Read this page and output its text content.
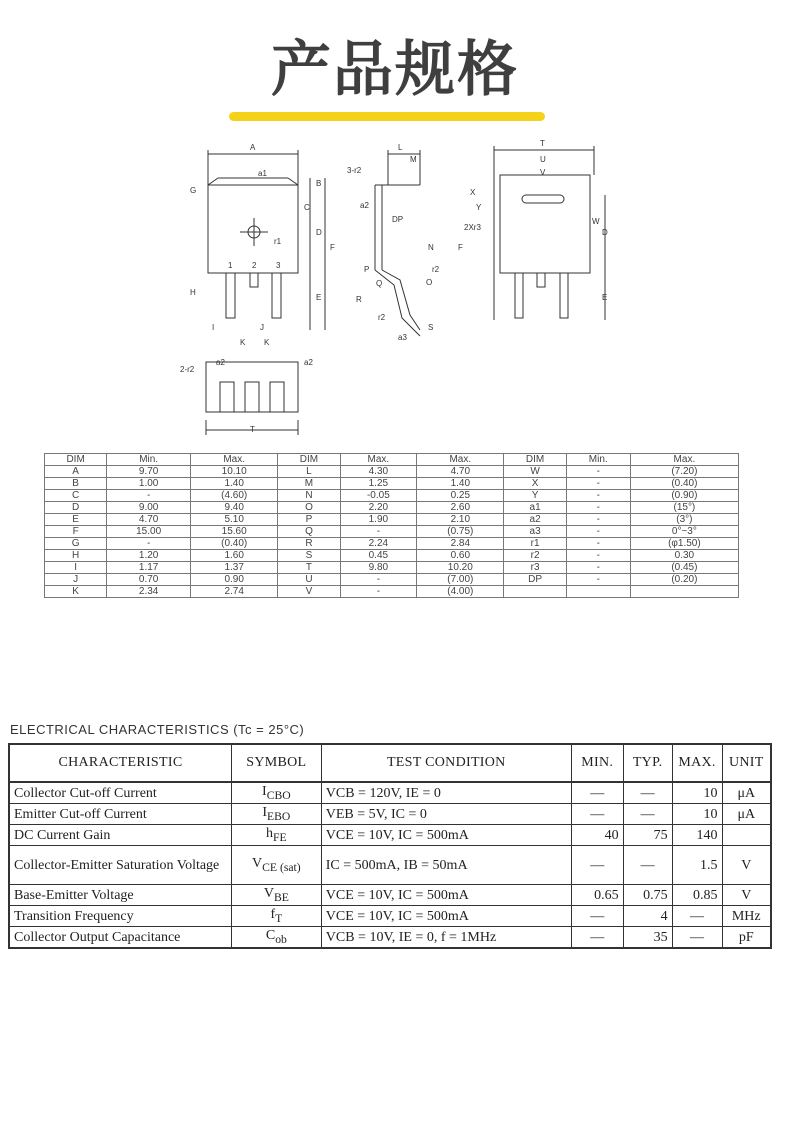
产品规格
A
a1
G
B
C
D
F
r1
1 2 3
H
E
I	J
K K
L
M
3-r2
a2
DP
N
r2
P
Q	O
R
r2
S
a3
T
U
V
X
Y
2Xr3
W
D
F
E
a2	a2
2-r2
T
DIM	Min.	Max.	DIM	Max.	Max.	DIM	Min.	Max.
A	9.70	10.10	L	4.30	4.70	W	-	(7.20)
B	1.00	1.40	M	1.25	1.40	X	-	(0.40)
C	-	(4.60)	N	-0.05	0.25	Y	-	(0.90)
D	9.00	9.40	O	2.20	2.60	a1	-	(15°)
E	4.70	5.10	P	1.90	2.10	a2	-	(3°)
F	15.00	15.60	Q	-	(0.75)	a3	-	0°~3°
G	-	(0.40)	R	2.24	2.84	r1	-	(φ1.50)
H	1.20	1.60	S	0.45	0.60	r2	-	0.30
I	1.17	1.37	T	9.80	10.20	r3	-	(0.45)
J	0.70	0.90	U	-	(7.00)	DP	-	(0.20)
K	2.34	2.74	V	-	(4.00)			
ELECTRICAL CHARACTERISTICS (Tc = 25°C)
CHARACTERISTIC	SYMBOL	TEST CONDITION	MIN.	TYP.	MAX.	UNIT
Collector Cut-off Current	$I_{CBO}$	VCB = 120V, IE = 0	—	—	10	μA
Emitter Cut-off Current	$I_{EBO}$	VEB = 5V, IC = 0	—	—	10	μA
DC Current Gain	$h_{FE}$	VCE = 10V, IC = 500mA	40	75	140	
Collector-Emitter Saturation Voltage	$V_{CE (sat)}$	IC = 500mA, IB = 50mA	—	—	1.5	V
Base-Emitter Voltage	$V_{BE}$	VCE = 10V, IC = 500mA	0.65	0.75	0.85	V
Transition Frequency	$f_T$	VCE = 10V, IC = 500mA	—	4	—	MHz
Collector Output Capacitance	$C_{ob}$	VCB = 10V, IE = 0, f = 1MHz	—	35	—	pF
